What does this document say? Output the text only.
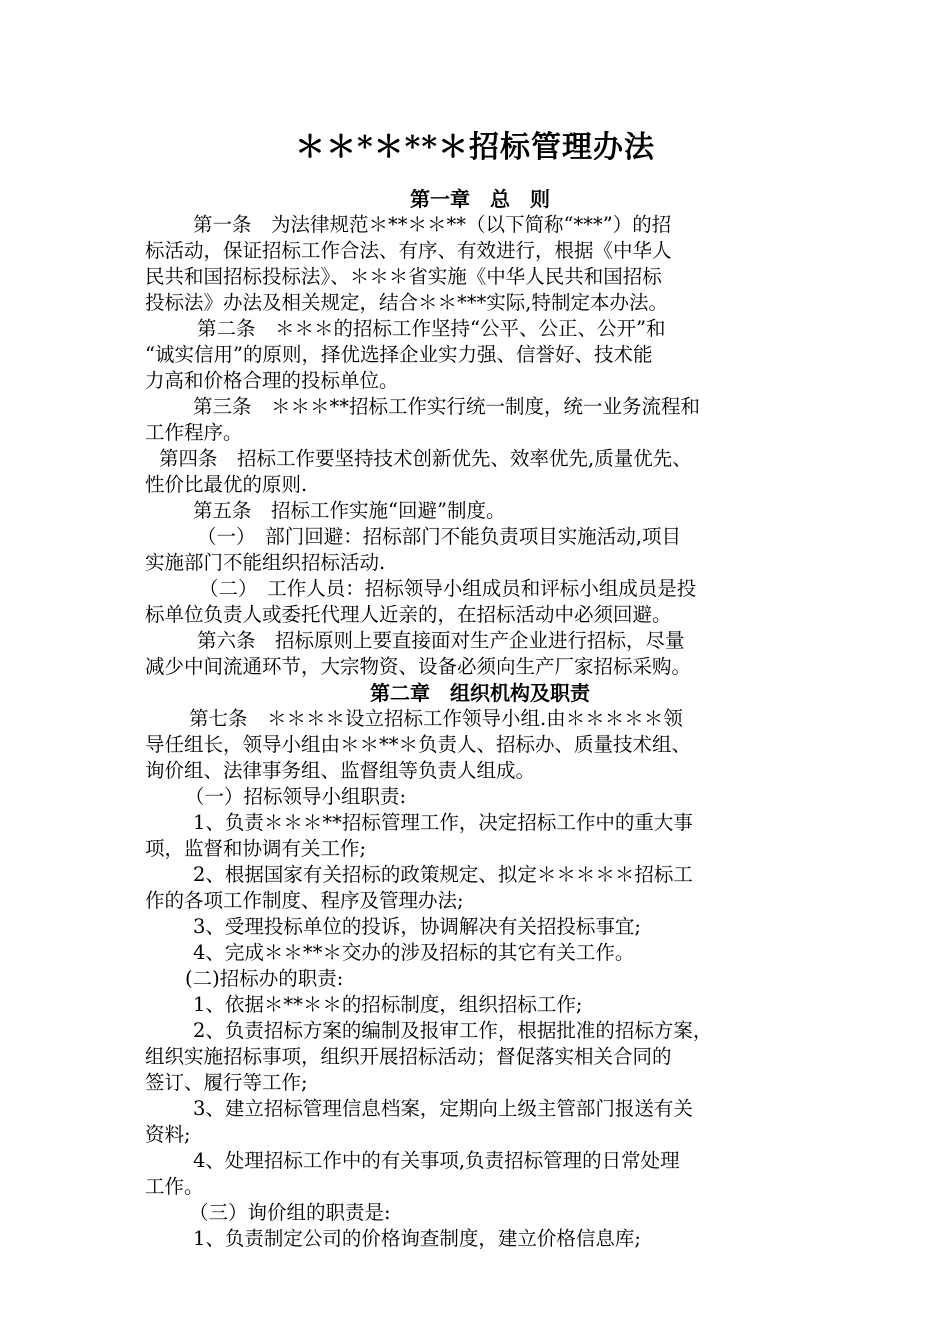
＊＊*＊**＊招标管理办法
第一章　总　则
第一条　为法律规范＊**＊＊**（以下简称“***”）的招
标活动，保证招标工作合法、有序、有效进行，根据《中华人
民共和国招标投标法》、＊＊＊省实施《中华人民共和国招标
投标法》办法及相关规定，结合＊＊***实际,特制定本办法。
第二条　＊＊＊的招标工作坚持“公平、公正、公开”和
“诚实信用”的原则，择优选择企业实力强、信誉好、技术能
力高和价格合理的投标单位。
第三条　＊＊＊**招标工作实行统一制度，统一业务流程和
工作程序。
第四条　招标工作要坚持技术创新优先、效率优先,质量优先、
性价比最优的原则.
第五条　招标工作实施“回避”制度。
（一）　部门回避：招标部门不能负责项目实施活动,项目
实施部门不能组织招标活动.
（二）　工作人员：招标领导小组成员和评标小组成员是投
标单位负责人或委托代理人近亲的，在招标活动中必须回避。
第六条　招标原则上要直接面对生产企业进行招标，尽量
减少中间流通环节，大宗物资、设备必须向生产厂家招标采购。
第二章　组织机构及职责
第七条　＊＊＊＊设立招标工作领导小组.由＊＊＊＊＊领
导任组长，领导小组由＊＊**＊负责人、招标办、质量技术组、
询价组、法律事务组、监督组等负责人组成。
（一）招标领导小组职责:
1、负责＊＊＊**招标管理工作，决定招标工作中的重大事
项，监督和协调有关工作;
2、根据国家有关招标的政策规定、拟定＊＊＊＊＊招标工
作的各项工作制度、程序及管理办法;
3、受理投标单位的投诉，协调解决有关招投标事宜;
4、完成＊＊**＊交办的涉及招标的其它有关工作。
(二)招标办的职责:
1、依据＊**＊＊的招标制度，组织招标工作;
2、负责招标方案的编制及报审工作，根据批准的招标方案，
组织实施招标事项，组织开展招标活动；督促落实相关合同的
签订、履行等工作;
3、建立招标管理信息档案，定期向上级主管部门报送有关
资料;
4、处理招标工作中的有关事项,负责招标管理的日常处理
工作。
（三）询价组的职责是:
1、负责制定公司的价格询查制度，建立价格信息库;
